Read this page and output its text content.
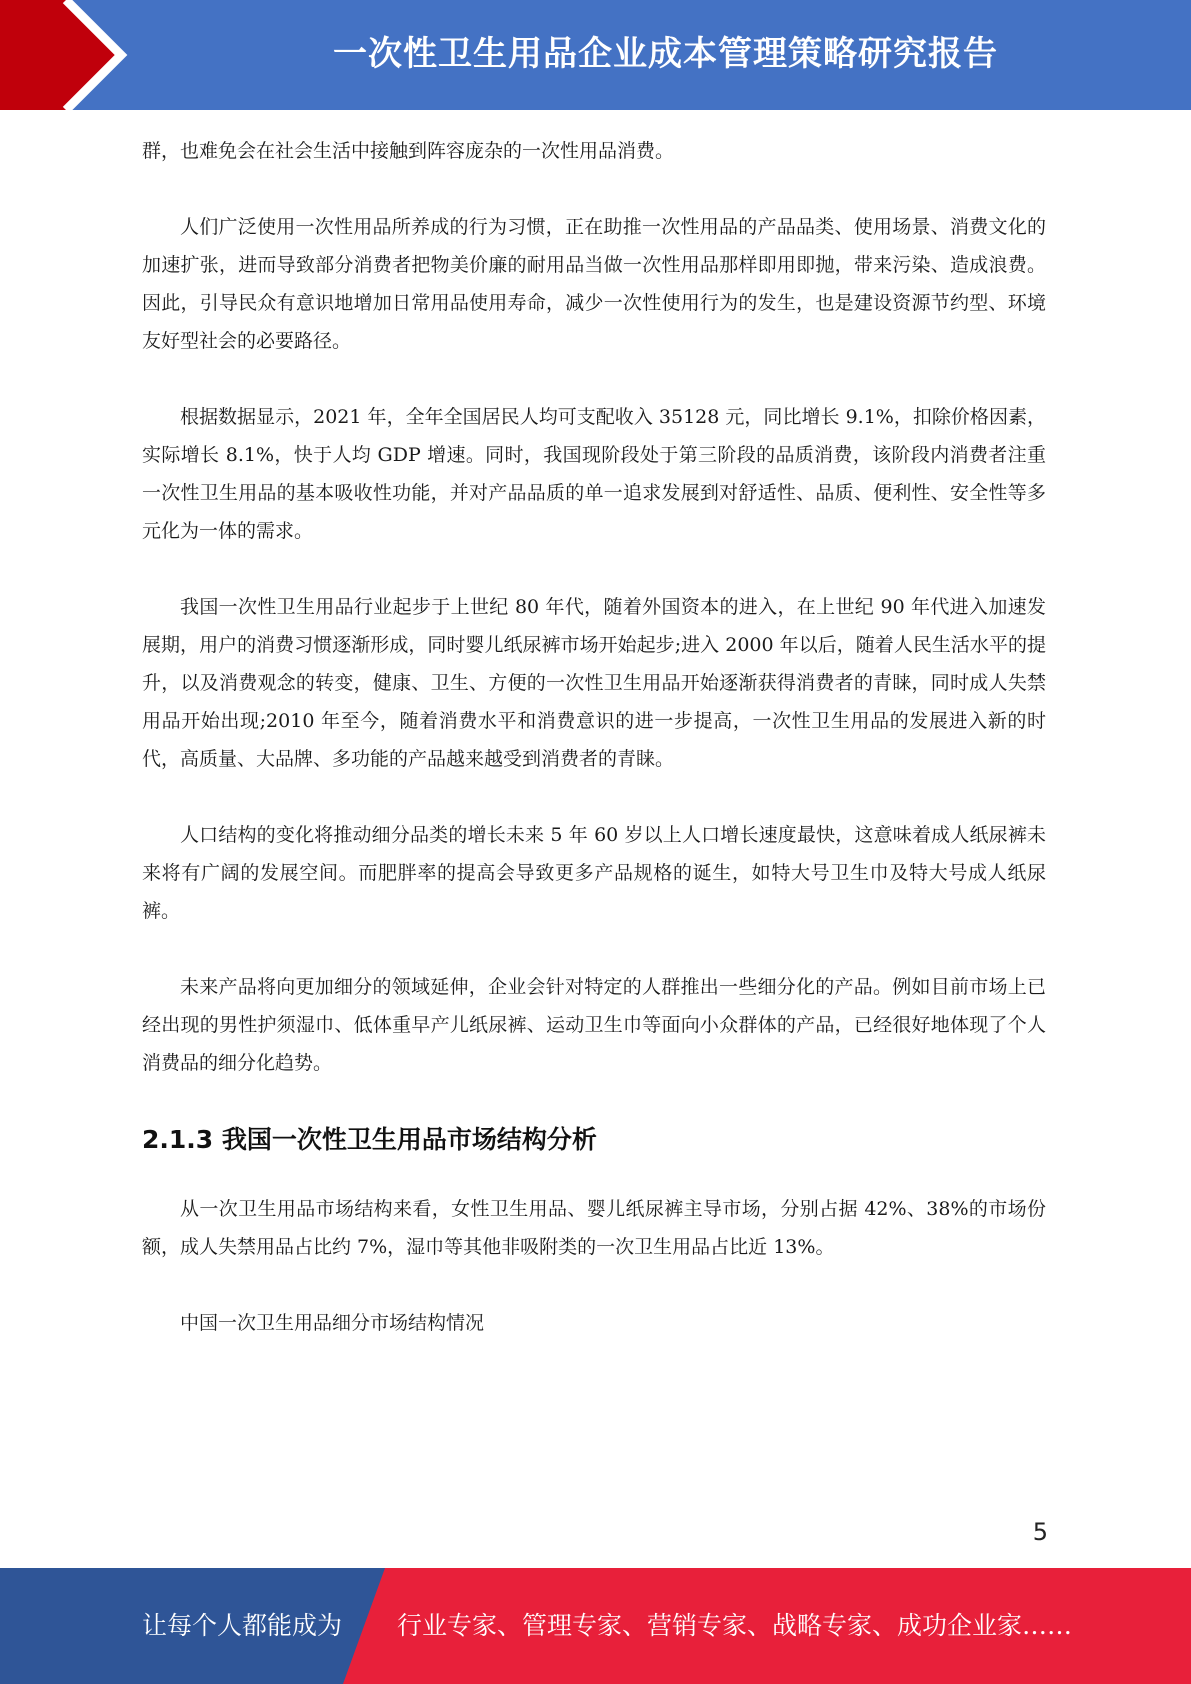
一次性卫生用品企业成本管理策略研究报告

群，也难免会在社会生活中接触到阵容庞杂的一次性用品消费。

人们广泛使用一次性用品所养成的行为习惯，正在助推一次性用品的产品品类、使用场景、消费文化的加速扩张，进而导致部分消费者把物美价廉的耐用品当做一次性用品那样即用即抛，带来污染、造成浪费。因此，引导民众有意识地增加日常用品使用寿命，减少一次性使用行为的发生，也是建设资源节约型、环境友好型社会的必要路径。

根据数据显示，2021 年，全年全国居民人均可支配收入 35128 元，同比增长 9.1%，扣除价格因素，实际增长 8.1%，快于人均 GDP 增速。同时，我国现阶段处于第三阶段的品质消费，该阶段内消费者注重一次性卫生用品的基本吸收性功能，并对产品品质的单一追求发展到对舒适性、品质、便利性、安全性等多元化为一体的需求。

我国一次性卫生用品行业起步于上世纪 80 年代，随着外国资本的进入，在上世纪 90 年代进入加速发展期，用户的消费习惯逐渐形成，同时婴儿纸尿裤市场开始起步;进入 2000 年以后，随着人民生活水平的提升，以及消费观念的转变，健康、卫生、方便的一次性卫生用品开始逐渐获得消费者的青睐，同时成人失禁用品开始出现;2010 年至今，随着消费水平和消费意识的进一步提高，一次性卫生用品的发展进入新的时代，高质量、大品牌、多功能的产品越来越受到消费者的青睐。

人口结构的变化将推动细分品类的增长未来 5 年 60 岁以上人口增长速度最快，这意味着成人纸尿裤未来将有广阔的发展空间。而肥胖率的提高会导致更多产品规格的诞生，如特大号卫生巾及特大号成人纸尿裤。

未来产品将向更加细分的领域延伸，企业会针对特定的人群推出一些细分化的产品。例如目前市场上已经出现的男性护须湿巾、低体重早产儿纸尿裤、运动卫生巾等面向小众群体的产品，已经很好地体现了个人消费品的细分化趋势。

2.1.3 我国一次性卫生用品市场结构分析

从一次卫生用品市场结构来看，女性卫生用品、婴儿纸尿裤主导市场，分别占据 42%、38%的市场份额，成人失禁用品占比约 7%，湿巾等其他非吸附类的一次卫生用品占比近 13%。

中国一次卫生用品细分市场结构情况

5
让每个人都能成为 行业专家、管理专家、营销专家、战略专家、成功企业家……
